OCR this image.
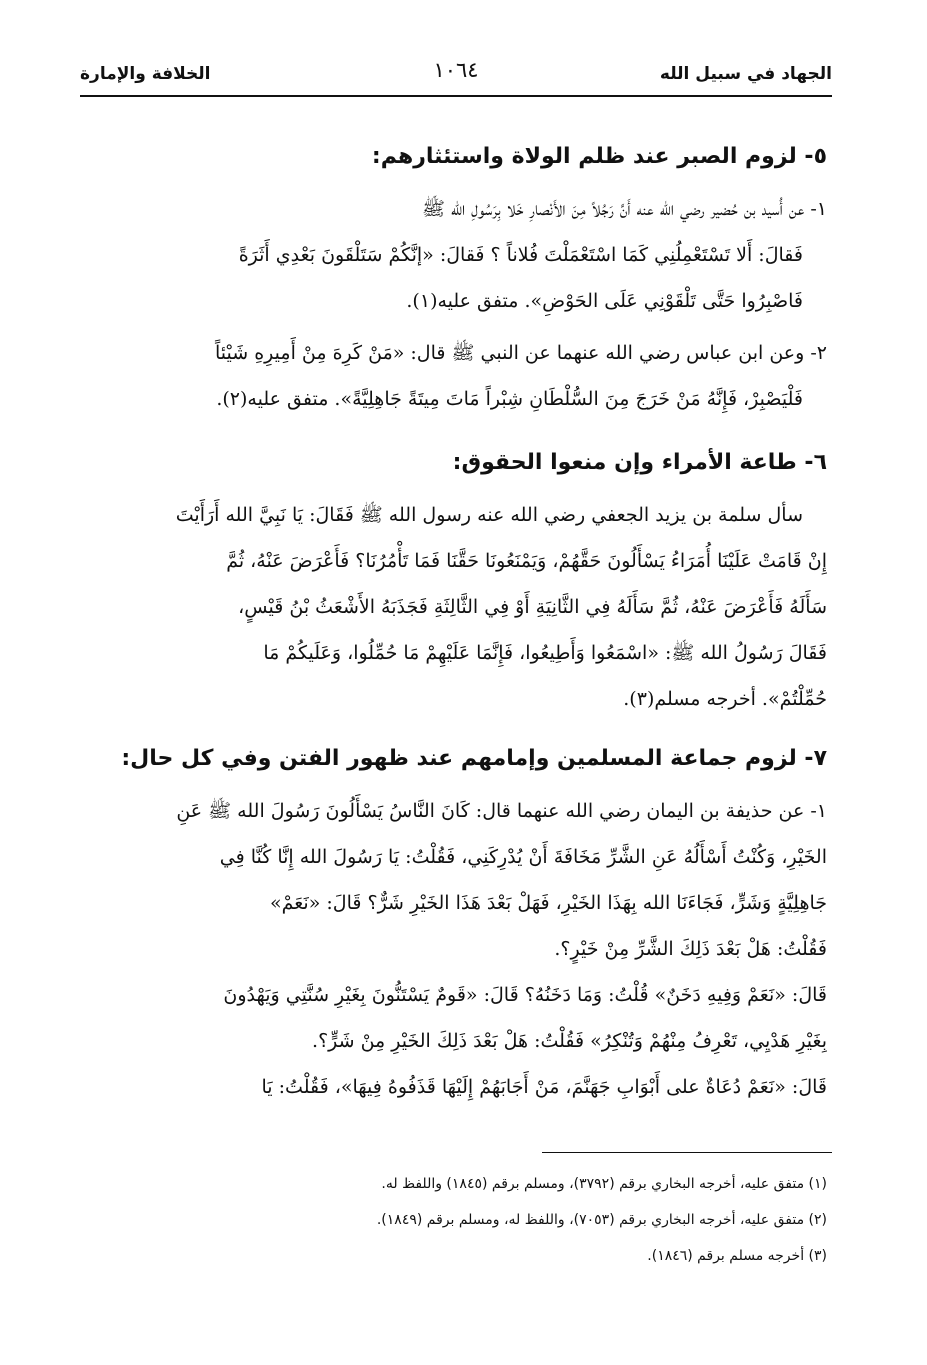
الجهاد في سبيل الله
١٠٦٤
الخلافة والإمارة
٥- لزوم الصبر عند ظلم الولاة واستئثارهم:
١- عن أُسيد بن حُضير رضي الله عنه أَنَّ رَجُلاً مِنَ الأَنْصارِ خَلا بِرَسُولِ الله ﷺ
فَقالَ: أَلا تَسْتَعْمِلُنِي كَمَا اسْتَعْمَلْتَ فُلاناً ؟ فَقالَ: «إنَّكُمْ سَتَلْقَونَ بَعْدِي أَثَرَةً
فَاصْبِرُوا حَتَّى تَلْقَوْنِي عَلَى الحَوْضِ». متفق عليه(١).
٢- وعن ابن عباس رضي الله عنهما عن النبي ﷺ قال: «مَنْ كَرِهَ مِنْ أَمِيرِهِ شَيْئاً
فَلْيَصْبِرْ، فَإِنَّهُ مَنْ خَرَجَ مِنَ السُّلْطَانِ شِبْراً مَاتَ مِيتَةً جَاهِلِيَّةً». متفق عليه(٢).
٦- طاعة الأمراء وإن منعوا الحقوق:
سأل سلمة بن يزيد الجعفي رضي الله عنه رسول الله ﷺ فَقَالَ: يَا نَبِيَّ الله أَرَأَيْتَ
إِنْ قَامَتْ عَلَيْنَا أُمَرَاءُ يَسْأَلُونَ حَقَّهُمْ، وَيَمْنَعُونَا حَقَّنَا فَمَا تَأْمُرُنَا؟ فَأَعْرَضَ عَنْهُ، ثُمَّ
سَأَلَهُ فَأَعْرَضَ عَنْهُ، ثُمَّ سَأَلَهُ فِي الثَّانِيَةِ أَوْ فِي الثَّالِثَةِ فَجَذَبَهُ الأَشْعَثُ بْنُ قَيْسٍ،
فَقَالَ رَسُولُ الله ﷺ: «اسْمَعُوا وَأَطِيعُوا، فَإِنَّمَا عَلَيْهِمْ مَا حُمِّلُوا، وَعَلَيكُمْ مَا
حُمِّلْتُمْ». أخرجه مسلم(٣).
٧- لزوم جماعة المسلمين وإمامهم عند ظهور الفتن وفي كل حال:
١- عن حذيفة بن اليمان رضي الله عنهما قال: كَانَ النَّاسُ يَسْأَلُونَ رَسُولَ الله ﷺ عَنِ
الخَيْرِ، وَكُنْتُ أَسْأَلُهُ عَنِ الشَّرِّ مَخَافَةَ أَنْ يُدْرِكَنِي، فَقُلْتُ: يَا رَسُولَ الله إِنَّا كُنَّا فِي
جَاهِلِيَّةٍ وَشَرٍّ، فَجَاءَنَا الله بِهَذَا الخَيْرِ، فَهَلْ بَعْدَ هَذَا الخَيْرِ شَرٌّ؟ قَالَ: «نَعَمْ»
فَقُلْتُ: هَلْ بَعْدَ ذَلِكَ الشَّرِّ مِنْ خَيْرٍ؟.
قَالَ: «نَعَمْ وَفِيهِ دَخَنٌ» قُلْتُ: وَمَا دَخَنُهُ؟ قَالَ: «قَومٌ يَسْتَنُّونَ بِغَيْرِ سُنَّتِي وَيَهْدُونَ
بِغَيْرِ هَدْيِي، تَعْرِفُ مِنْهُمْ وَتُنْكِرُ» فَقُلْتُ: هَلْ بَعْدَ ذَلِكَ الخَيْرِ مِنْ شَرٍّ؟.
قَالَ: «نَعَمْ دُعَاةٌ على أَبْوَابِ جَهَنَّمَ، مَنْ أَجَابَهُمْ إِلَيْهَا قَذَفُوهُ فِيهَا»، فَقُلْتُ: يَا
(١) متفق عليه، أخرجه البخاري برقم (٣٧٩٢)، ومسلم برقم (١٨٤٥) واللفظ له.
(٢) متفق عليه، أخرجه البخاري برقم (٧٠٥٣)، واللفظ له، ومسلم برقم (١٨٤٩).
(٣) أخرجه مسلم برقم (١٨٤٦).
